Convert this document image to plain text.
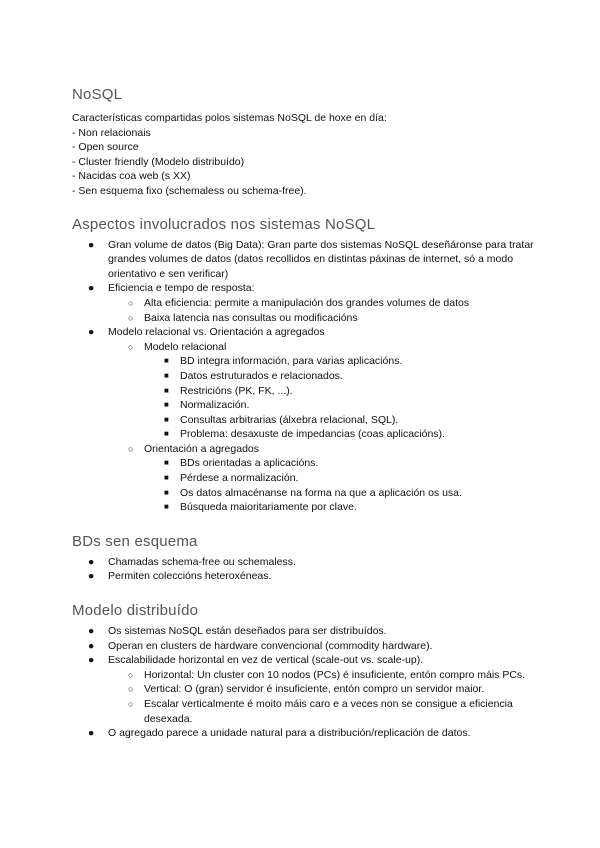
NoSQL

Características compartidas polos sistemas NoSQL de hoxe en día:

- Non relacionais

- Open source

- Cluster friendly (Modelo distribuído)

- Nacidas coa web (s XX)

- Sen esquema fixo (schemaless ou schema-free).

Aspectos involucrados nos sistemas NoSQL
● Gran volume de datos (Big Data): Gran parte dos sistemas NoSQL deseñáronse para tratar grandes volumes de datos (datos recollidos en distintas páxinas de internet, só a modo orientativo e sen verificar)
● Eficiencia e tempo de resposta:
○ Alta eficiencia: permite a manipulación dos grandes volumes de datos
○ Baixa latencia nas consultas ou modificacións
● Modelo relacional vs. Orientación a agregados
○ Modelo relacional
■ BD integra información, para varias aplicacións.
■ Datos estruturados e relacionados.
■ Restricións (PK, FK, ...).
■ Normalización.
■ Consultas arbitrarias (álxebra relacional, SQL).
■ Problema: desaxuste de impedancias (coas aplicacións).
○ Orientación a agregados
■ BDs orientadas a aplicacións.
■ Pérdese a normalización.
■ Os datos almacénanse na forma na que a aplicación os usa.
■ Búsqueda maioritariamente por clave.
BDs sen esquema
● Chamadas schema-free ou schemaless.
● Permiten coleccións heteroxéneas.
Modelo distribuído
● Os sistemas NoSQL están deseñados para ser distribuídos.
● Operan en clusters de hardware convencional (commodity hardware).
● Escalabilidade horizontal en vez de vertical (scale-out vs. scale-up).
○ Horizontal: Un cluster con 10 nodos (PCs) é insuficiente, entón compro máis PCs.
○ Vertical: O (gran) servidor é insuficiente, entón compro un servidor maior.
○ Escalar verticalmente é moito máis caro e a veces non se consigue a eficiencia desexada.
● O agregado parece a unidade natural para a distribución/replicación de datos.
